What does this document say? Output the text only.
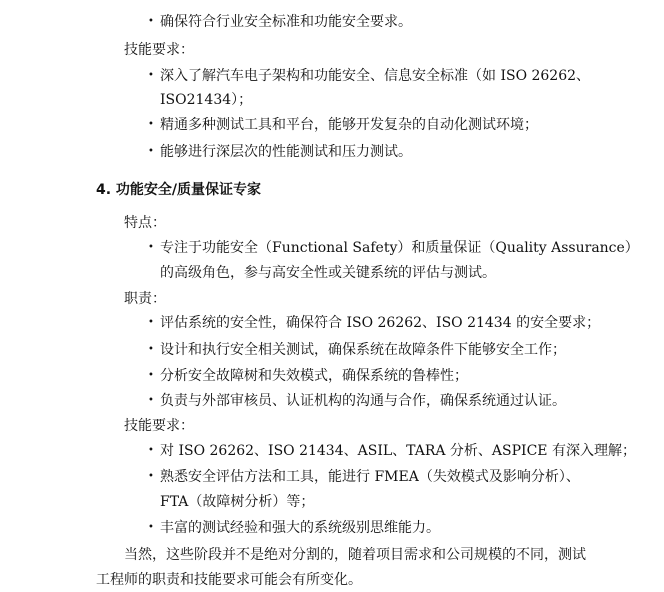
• 确保符合行业安全标准和功能安全要求。
技能要求：
• 深入了解汽车电子架构和功能安全、信息安全标准（如 ISO 26262、
ISO21434）；
• 精通多种测试工具和平台，能够开发复杂的自动化测试环境；
• 能够进行深层次的性能测试和压力测试。
4. 功能安全/质量保证专家
特点：
• 专注于功能安全（Functional Safety）和质量保证（Quality Assurance）
的高级角色，参与高安全性或关键系统的评估与测试。
职责：
• 评估系统的安全性，确保符合 ISO 26262、ISO 21434 的安全要求；
• 设计和执行安全相关测试，确保系统在故障条件下能够安全工作；
• 分析安全故障树和失效模式，确保系统的鲁棒性；
• 负责与外部审核员、认证机构的沟通与合作，确保系统通过认证。
技能要求：
• 对 ISO 26262、ISO 21434、ASIL、TARA 分析、ASPICE 有深入理解；
• 熟悉安全评估方法和工具，能进行 FMEA（失效模式及影响分析）、
FTA（故障树分析）等；
• 丰富的测试经验和强大的系统级别思维能力。
当然，这些阶段并不是绝对分割的，随着项目需求和公司规模的不同，测试
工程师的职责和技能要求可能会有所变化。
